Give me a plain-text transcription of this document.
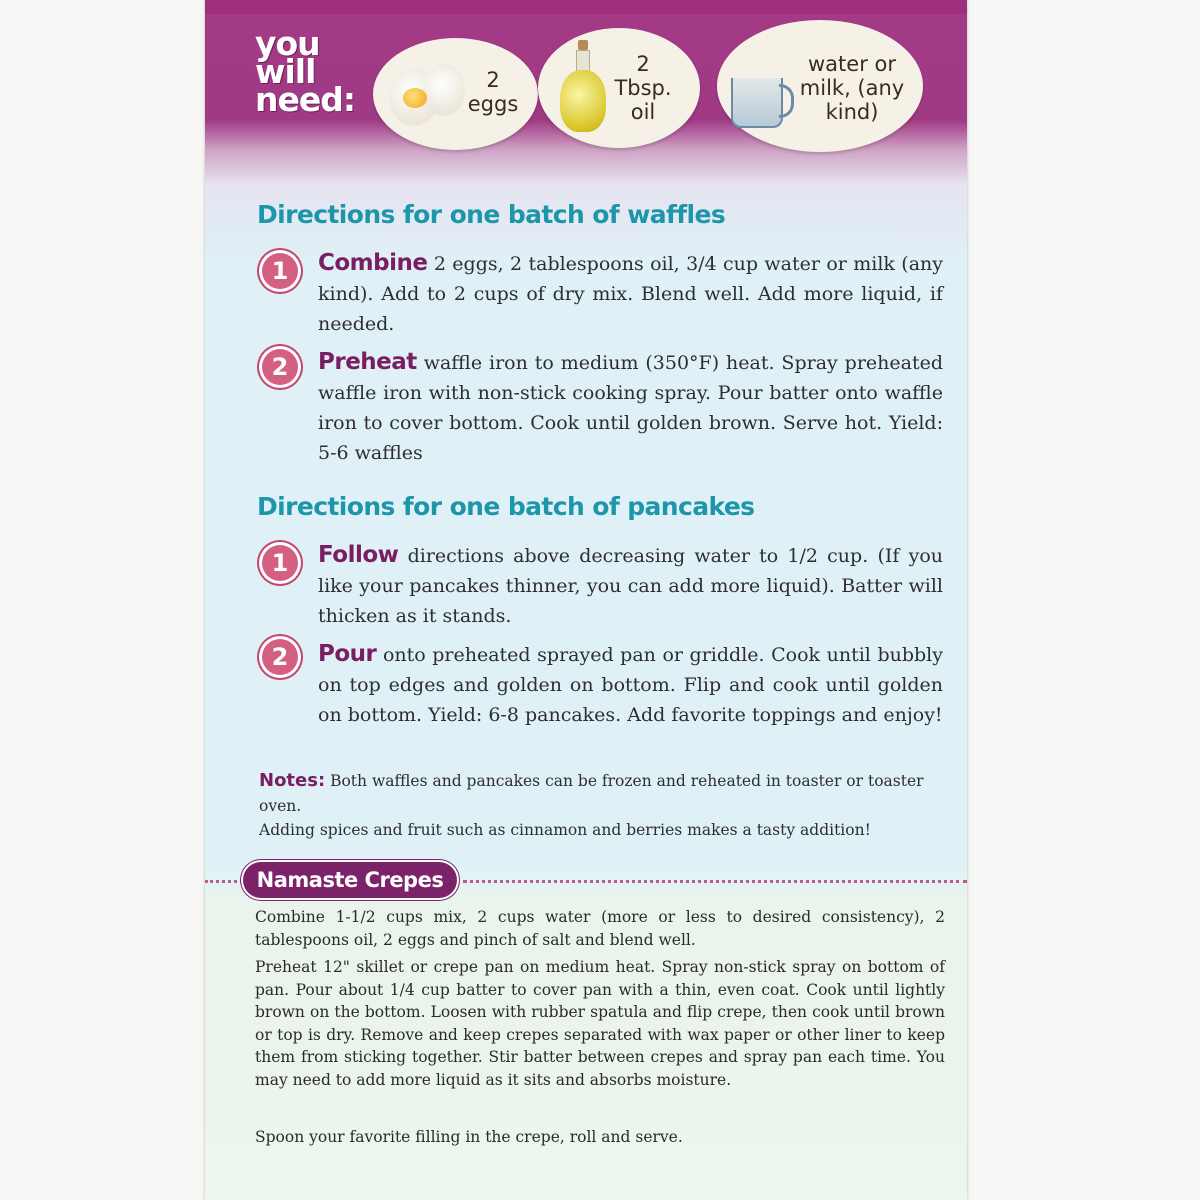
you will need:	2 eggs
2 Tbsp. oil
water or milk, (any kind)
Directions for one batch of waffles
1	Combine 2 eggs, 2 tablespoons oil, 3/4 cup water or milk (any kind). Add to 2 cups of dry mix. Blend well. Add more liquid, if needed.

2	Preheat waffle iron to medium (350°F) heat. Spray preheated waffle iron with non-stick cooking spray. Pour batter onto waffle iron to cover bottom. Cook until golden brown. Serve hot. Yield: 5-6 waffles

Directions for one batch of pancakes
1	Follow directions above decreasing water to 1/2 cup. (If you like your pancakes thinner, you can add more liquid). Batter will thicken as it stands.

2	Pour onto preheated sprayed pan or griddle. Cook until bubbly on top edges and golden on bottom. Flip and cook until golden on bottom. Yield: 6-8 pancakes. Add favorite toppings and enjoy!

Notes: Both waffles and pancakes can be frozen and reheated in toaster or toaster oven.

Adding spices and fruit such as cinnamon and berries makes a tasty addition!

Namaste Crepes

Combine 1-1/2 cups mix, 2 cups water (more or less to desired consistency), 2 tablespoons oil, 2 eggs and pinch of salt and blend well.

Preheat 12" skillet or crepe pan on medium heat. Spray non-stick spray on bottom of pan. Pour about 1/4 cup batter to cover pan with a thin, even coat. Cook until lightly brown on the bottom. Loosen with rubber spatula and flip crepe, then cook until brown or top is dry. Remove and keep crepes separated with wax paper or other liner to keep them from sticking together. Stir batter between crepes and spray pan each time. You may need to add more liquid as it sits and absorbs moisture.

Spoon your favorite filling in the crepe, roll and serve.
